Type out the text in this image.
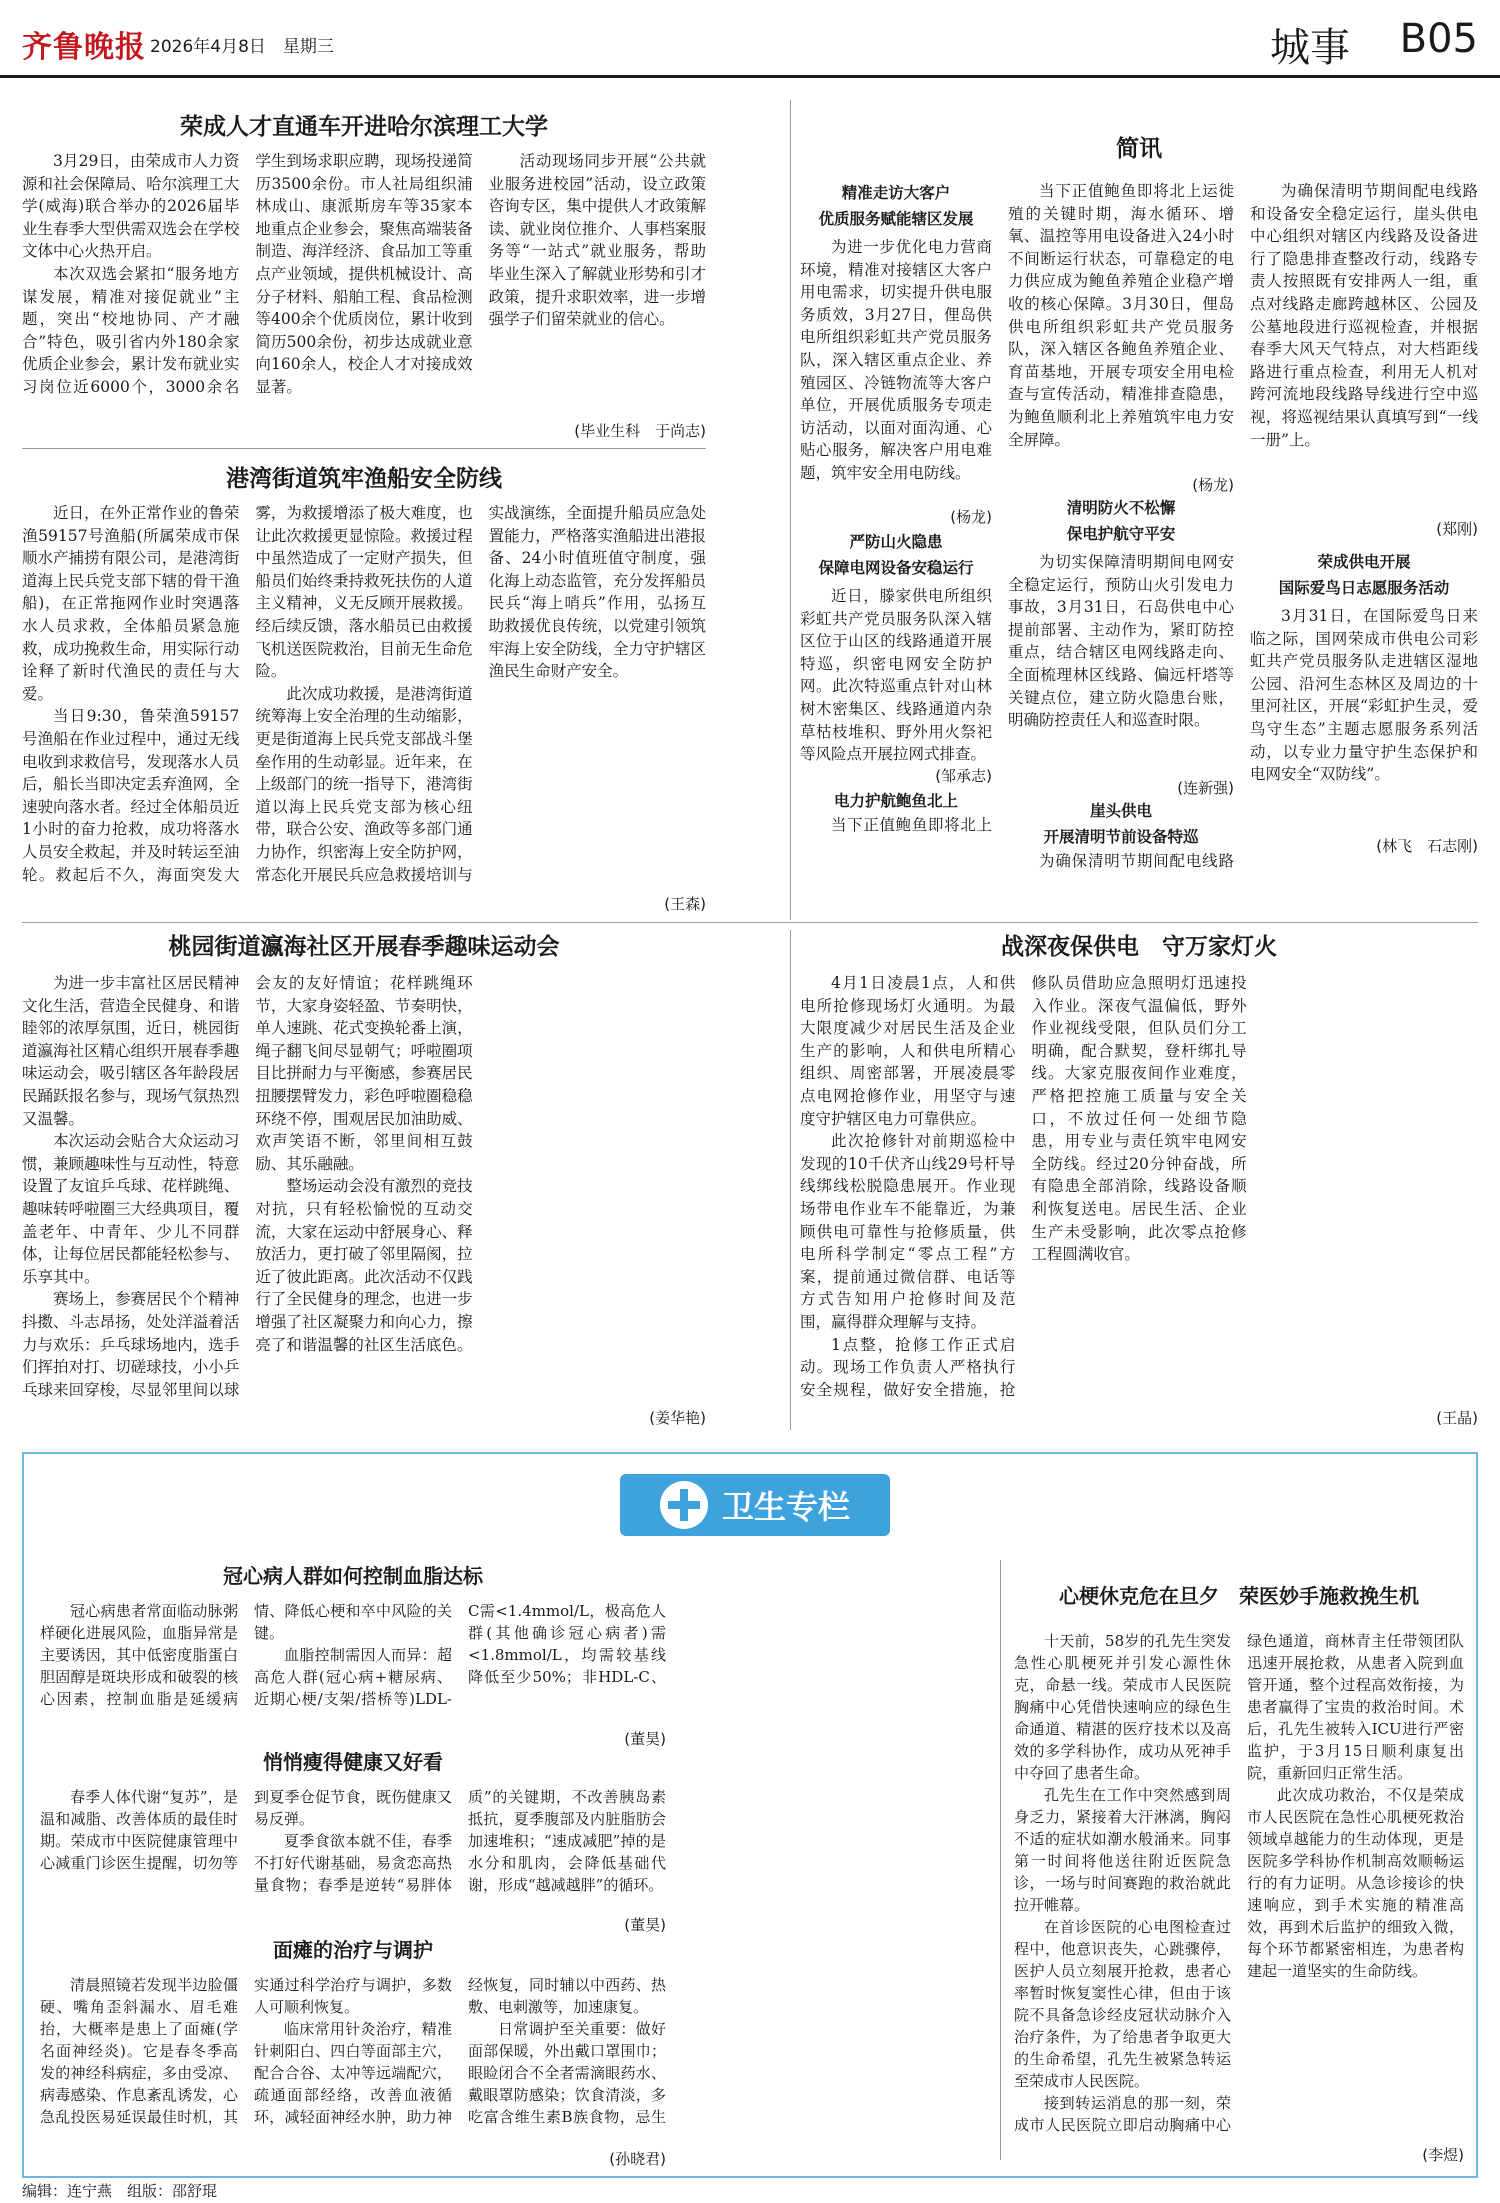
齐鲁晚报 2026年4月8日　星期三	城事 B05
荣成人才直通车开进哈尔滨理工大学

3月29日，由荣成市人力资源和社会保障局、哈尔滨理工大学(威海)联合举办的2026届毕业生春季大型供需双选会在学校文体中心火热开启。

本次双选会紧扣“服务地方谋发展，精准对接促就业”主题，突出“校地协同、产才融合”特色，吸引省内外180余家优质企业参会，累计发布就业实习岗位近6000个，3000余名学生到场求职应聘，现场投递简历3500余份。市人社局组织浦林成山、康派斯房车等35家本地重点企业参会，聚焦高端装备制造、海洋经济、食品加工等重点产业领域，提供机械设计、高分子材料、船舶工程、食品检测等400余个优质岗位，累计收到简历500余份，初步达成就业意向160余人，校企人才对接成效显著。

活动现场同步开展“公共就业服务进校园”活动，设立政策咨询专区，集中提供人才政策解读、就业岗位推介、人事档案服务等“一站式”就业服务，帮助毕业生深入了解就业形势和引才政策，提升求职效率，进一步增强学子们留荣就业的信心。

(毕业生科　于尚志)
港湾街道筑牢渔船安全防线

近日，在外正常作业的鲁荣渔59157号渔船(所属荣成市保顺水产捕捞有限公司，是港湾街道海上民兵党支部下辖的骨干渔船)，在正常拖网作业时突遇落水人员求救，全体船员紧急施救，成功挽救生命，用实际行动诠释了新时代渔民的责任与大爱。

当日9:30，鲁荣渔59157号渔船在作业过程中，通过无线电收到求救信号，发现落水人员后，船长当即决定丢弃渔网，全速驶向落水者。经过全体船员近1小时的奋力抢救，成功将落水人员安全救起，并及时转运至油轮。救起后不久，海面突发大雾，为救援增添了极大难度，也让此次救援更显惊险。救援过程中虽然造成了一定财产损失，但船员们始终秉持救死扶伤的人道主义精神，义无反顾开展救援。经后续反馈，落水船员已由救援飞机送医院救治，目前无生命危险。

此次成功救援，是港湾街道统筹海上安全治理的生动缩影，更是街道海上民兵党支部战斗堡垒作用的生动彰显。近年来，在上级部门的统一指导下，港湾街道以海上民兵党支部为核心纽带，联合公安、渔政等多部门通力协作，织密海上安全防护网，常态化开展民兵应急救援培训与实战演练，全面提升船员应急处置能力，严格落实渔船进出港报备、24小时值班值守制度，强化海上动态监管，充分发挥船员民兵“海上哨兵”作用，弘扬互助救援优良传统，以党建引领筑牢海上安全防线，全力守护辖区渔民生命财产安全。

(王森)
简讯
精准走访大客户
优质服务赋能辖区发展

为进一步优化电力营商环境，精准对接辖区大客户用电需求，切实提升供电服务质效，3月27日，俚岛供电所组织彩虹共产党员服务队，深入辖区重点企业、养殖园区、冷链物流等大客户单位，开展优质服务专项走访活动，以面对面沟通、心贴心服务，解决客户用电难题，筑牢安全用电防线。

(杨龙)
严防山火隐患
保障电网设备安稳运行

近日，滕家供电所组织彩虹共产党员服务队深入辖区位于山区的线路通道开展特巡，织密电网安全防护网。此次特巡重点针对山林树木密集区、线路通道内杂草枯枝堆积、野外用火祭祀等风险点开展拉网式排查。

(邹承志)
电力护航鲍鱼北上

当下正值鲍鱼即将北上

当下正值鲍鱼即将北上运徙殖的关键时期，海水循环、增氧、温控等用电设备进入24小时不间断运行状态，可靠稳定的电力供应成为鲍鱼养殖企业稳产增收的核心保障。3月30日，俚岛供电所组织彩虹共产党员服务队，深入辖区各鲍鱼养殖企业、育苗基地，开展专项安全用电检查与宣传活动，精准排查隐患，为鲍鱼顺利北上养殖筑牢电力安全屏障。

(杨龙)
清明防火不松懈
保电护航守平安

为切实保障清明期间电网安全稳定运行，预防山火引发电力事故，3月31日，石岛供电中心提前部署、主动作为，紧盯防控重点，结合辖区电网线路走向、全面梳理林区线路、偏远杆塔等关键点位，建立防火隐患台账，明确防控责任人和巡查时限。

(连新强)
崖头供电
开展清明节前设备特巡

为确保清明节期间配电线路

为确保清明节期间配电线路和设备安全稳定运行，崖头供电中心组织对辖区内线路及设备进行了隐患排查整改行动，线路专责人按照既有安排两人一组，重点对线路走廊跨越林区、公园及公墓地段进行巡视检查，并根据春季大风天气特点，对大档距线路进行重点检查，利用无人机对跨河流地段线路导线进行空中巡视，将巡视结果认真填写到“一线一册”上。

(郑刚)
荣成供电开展
国际爱鸟日志愿服务活动

3月31日，在国际爱鸟日来临之际，国网荣成市供电公司彩虹共产党员服务队走进辖区湿地公园、沿河生态林区及周边的十里河社区，开展“彩虹护生灵，爱鸟守生态”主题志愿服务系列活动，以专业力量守护生态保护和电网安全“双防线”。

(林飞　石志刚)
桃园街道瀛海社区开展春季趣味运动会

为进一步丰富社区居民精神文化生活，营造全民健身、和谐睦邻的浓厚氛围，近日，桃园街道瀛海社区精心组织开展春季趣味运动会，吸引辖区各年龄段居民踊跃报名参与，现场气氛热烈又温馨。

本次运动会贴合大众运动习惯，兼顾趣味性与互动性，特意设置了友谊乒乓球、花样跳绳、趣味转呼啦圈三大经典项目，覆盖老年、中青年、少儿不同群体，让每位居民都能轻松参与、乐享其中。

赛场上，参赛居民个个精神抖擞、斗志昂扬，处处洋溢着活力与欢乐：乒乓球场地内，选手们挥拍对打、切磋球技，小小乒乓球来回穿梭，尽显邻里间以球会友的友好情谊；花样跳绳环节，大家身姿轻盈、节奏明快，单人速跳、花式变换轮番上演，绳子翻飞间尽显朝气；呼啦圈项目比拼耐力与平衡感，参赛居民扭腰摆臂发力，彩色呼啦圈稳稳环绕不停，围观居民加油助威、欢声笑语不断，邻里间相互鼓励、其乐融融。

整场运动会没有激烈的竞技对抗，只有轻松愉悦的互动交流，大家在运动中舒展身心、释放活力，更打破了邻里隔阂，拉近了彼此距离。此次活动不仅践行了全民健身的理念，也进一步增强了社区凝聚力和向心力，擦亮了和谐温馨的社区生活底色。

(姜华艳)
战深夜保供电　守万家灯火

4月1日凌晨1点，人和供电所抢修现场灯火通明。为最大限度减少对居民生活及企业生产的影响，人和供电所精心组织、周密部署，开展凌晨零点电网抢修作业，用坚守与速度守护辖区电力可靠供应。

此次抢修针对前期巡检中发现的10千伏齐山线29号杆导线绑线松脱隐患展开。作业现场带电作业车不能靠近，为兼顾供电可靠性与抢修质量，供电所科学制定“零点工程”方案，提前通过微信群、电话等方式告知用户抢修时间及范围，赢得群众理解与支持。

1点整，抢修工作正式启动。现场工作负责人严格执行安全规程，做好安全措施，抢修队员借助应急照明灯迅速投入作业。深夜气温偏低，野外作业视线受限，但队员们分工明确，配合默契，登杆绑扎导线。大家克服夜间作业难度，严格把控施工质量与安全关口，不放过任何一处细节隐患，用专业与责任筑牢电网安全防线。经过20分钟奋战，所有隐患全部消除，线路设备顺利恢复送电。居民生活、企业生产未受影响，此次零点抢修工程圆满收官。

(王晶)
卫生专栏
冠心病人群如何控制血脂达标

冠心病患者常面临动脉粥样硬化进展风险，血脂异常是主要诱因，其中低密度脂蛋白胆固醇是斑块形成和破裂的核心因素，控制血脂是延缓病情、降低心梗和卒中风险的关键。

血脂控制需因人而异：超高危人群(冠心病+糖尿病、近期心梗/支架/搭桥等)LDL-C需<1.4mmol/L，极高危人群(其他确诊冠心病者)需<1.8mmol/L，均需较基线降低至少50%；非HDL-C、

(董昊)
悄悄瘦得健康又好看

春季人体代谢“复苏”，是温和减脂、改善体质的最佳时期。荣成市中医院健康管理中心减重门诊医生提醒，切勿等到夏季仓促节食，既伤健康又易反弹。

夏季食欲本就不佳，春季不打好代谢基础，易贪恋高热量食物；春季是逆转“易胖体质”的关键期，不改善胰岛素抵抗，夏季腹部及内脏脂肪会加速堆积；“速成减肥”掉的是水分和肌肉，会降低基础代谢，形成“越减越胖”的循环。

(董昊)
面瘫的治疗与调护

清晨照镜若发现半边脸僵硬、嘴角歪斜漏水、眉毛难抬，大概率是患上了面瘫(学名面神经炎)。它是春冬季高发的神经科病症，多由受凉、病毒感染、作息紊乱诱发，心急乱投医易延误最佳时机，其实通过科学治疗与调护，多数人可顺利恢复。

临床常用针灸治疗，精准针刺阳白、四白等面部主穴，配合合谷、太冲等远端配穴，疏通面部经络，改善血液循环，减轻面神经水肿，助力神经恢复，同时辅以中西药、热敷、电刺激等，加速康复。

日常调护至关重要：做好面部保暖，外出戴口罩围巾；眼睑闭合不全者需滴眼药水、戴眼罩防感染；饮食清淡，多吃富含维生素B族食物，忌生

(孙晓君)
心梗休克危在旦夕　荣医妙手施救挽生机

十天前，58岁的孔先生突发急性心肌梗死并引发心源性休克，命悬一线。荣成市人民医院胸痛中心凭借快速响应的绿色生命通道、精湛的医疗技术以及高效的多学科协作，成功从死神手中夺回了患者生命。

孔先生在工作中突然感到周身乏力，紧接着大汗淋漓，胸闷不适的症状如潮水般涌来。同事第一时间将他送往附近医院急诊，一场与时间赛跑的救治就此拉开帷幕。

在首诊医院的心电图检查过程中，他意识丧失，心跳骤停，医护人员立刻展开抢救，患者心率暂时恢复窦性心律，但由于该院不具备急诊经皮冠状动脉介入治疗条件，为了给患者争取更大的生命希望，孔先生被紧急转运至荣成市人民医院。

接到转运消息的那一刻，荣成市人民医院立即启动胸痛中心绿色通道，商林青主任带领团队迅速开展抢救，从患者入院到血管开通，整个过程高效衔接，为患者赢得了宝贵的救治时间。术后，孔先生被转入ICU进行严密监护，于3月15日顺利康复出院，重新回归正常生活。

此次成功救治，不仅是荣成市人民医院在急性心肌梗死救治领域卓越能力的生动体现，更是医院多学科协作机制高效顺畅运行的有力证明。从急诊接诊的快速响应，到手术实施的精准高效，再到术后监护的细致入微，每个环节都紧密相连，为患者构建起一道坚实的生命防线。

(李煜)
编辑：连宁燕　组版：邵舒琨
